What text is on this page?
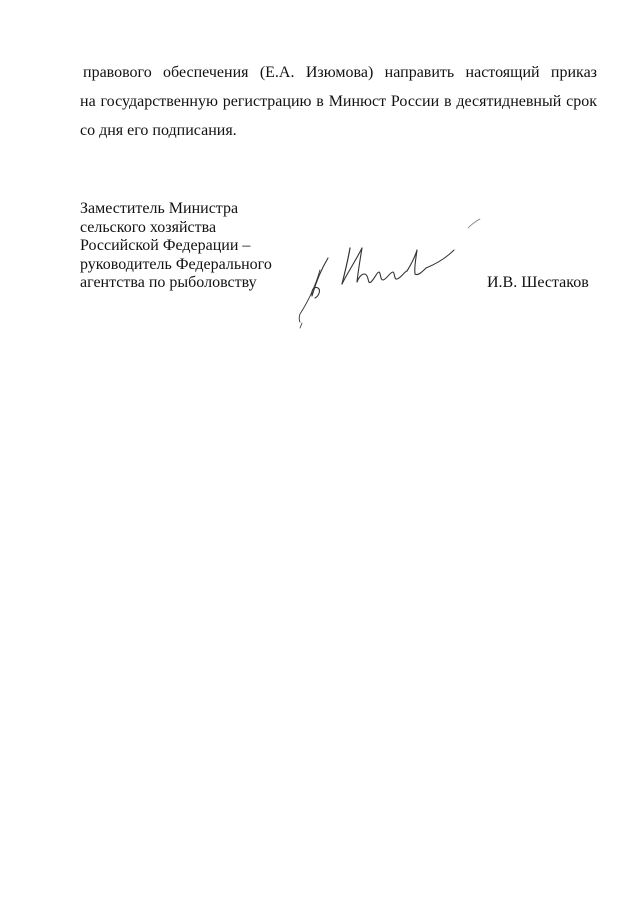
правового обеспечения (Е.А. Изюмова) направить настоящий приказ
на государственную регистрацию в Минюст России в десятидневный срок
со дня его подписания.
Заместитель Министра
сельского хозяйства
Российской Федерации –
руководитель Федерального
агентства по рыболовству	И.В. Шестаков
